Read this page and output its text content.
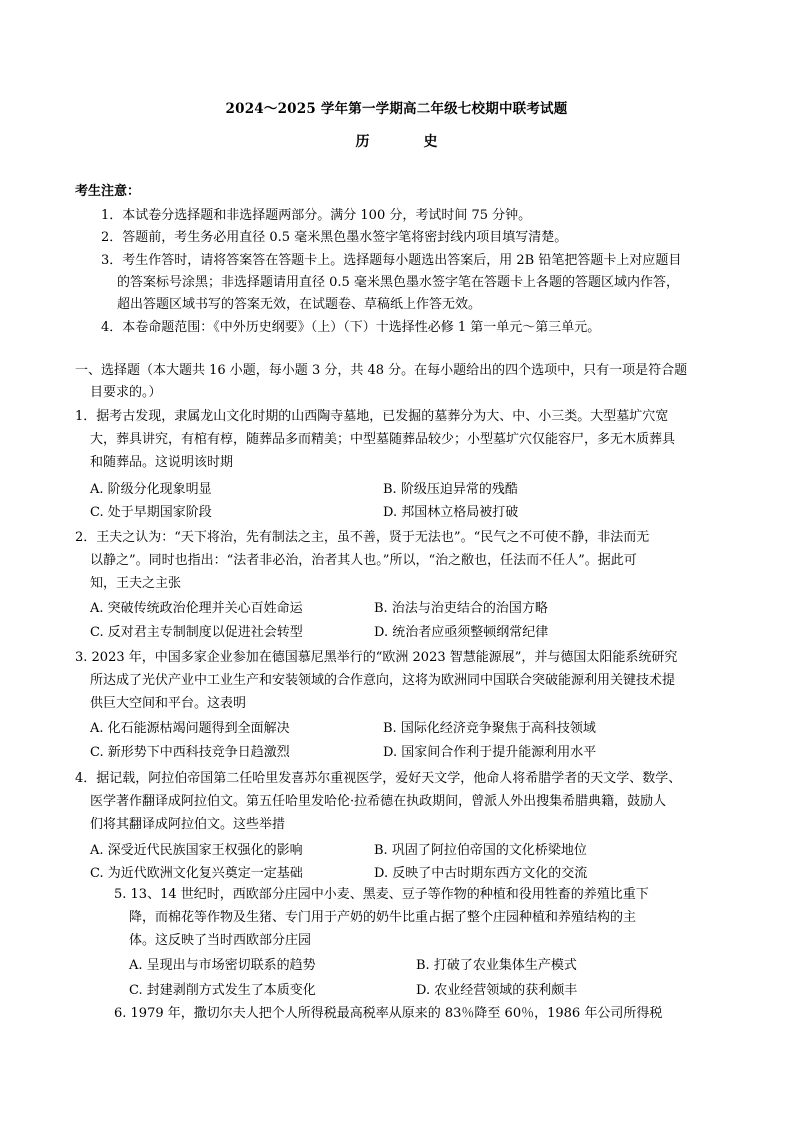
2024～2025 学年第一学期高二年级七校期中联考试题
历　史
考生注意：
1．本试卷分选择题和非选择题两部分。满分 100 分，考试时间 75 分钟。
2．答题前，考生务必用直径 0.5 毫米黑色墨水签字笔将密封线内项目填写清楚。
3．考生作答时，请将答案答在答题卡上。选择题每小题选出答案后，用 2B 铅笔把答题卡上对应题目
的答案标号涂黑；非选择题请用直径 0.5 毫米黑色墨水签字笔在答题卡上各题的答题区域内作答，
超出答题区域书写的答案无效，在试题卷、草稿纸上作答无效。
4．本卷命题范围：《中外历史纲要》（上）（下）十选择性必修 1 第一单元～第三单元。
一、选择题（本大题共 16 小题，每小题 3 分，共 48 分。在每小题给出的四个选项中，只有一项是符合题
目要求的。）
1．据考古发现，隶属龙山文化时期的山西陶寺墓地，已发掘的墓葬分为大、中、小三类。大型墓圹穴宽
大，葬具讲究，有棺有椁，随葬品多而精美；中型墓随葬品较少；小型墓圹穴仅能容尸，多无木质葬具
和随葬品。这说明该时期
A. 阶级分化现象明显	B. 阶级压迫异常的残酷
C. 处于早期国家阶段	D. 邦国林立格局被打破
2．王夫之认为：“天下将治，先有制法之主，虽不善，贤于无法也”。“民气之不可使不静，非法而无
以静之”。同时也指出：“法者非必治，治者其人也。”所以，“治之敝也，任法而不任人”。据此可
知，王夫之主张
A. 突破传统政治伦理并关心百姓命运	B. 治法与治吏结合的治国方略
C. 反对君主专制制度以促进社会转型	D. 统治者应亟须整顿纲常纪律
3. 2023 年，中国多家企业参加在德国慕尼黑举行的“欧洲 2023 智慧能源展”，并与德国太阳能系统研究
所达成了光伏产业中工业生产和安装领域的合作意向，这将为欧洲同中国联合突破能源利用关键技术提
供巨大空间和平台。这表明
A. 化石能源枯竭问题得到全面解决	B. 国际化经济竞争聚焦于高科技领域
C. 新形势下中西科技竞争日趋激烈	D. 国家间合作利于提升能源利用水平
4．据记载，阿拉伯帝国第二任哈里发喜苏尔重视医学，爱好天文学，他命人将希腊学者的天文学、数学、
医学著作翻译成阿拉伯文。第五任哈里发哈伦·拉希德在执政期间，曾派人外出搜集希腊典籍，鼓励人
们将其翻译成阿拉伯文。这些举措
A. 深受近代民族国家王权强化的影响	B. 巩固了阿拉伯帝国的文化桥梁地位
C. 为近代欧洲文化复兴奠定一定基础	D. 反映了中古时期东西方文化的交流
5. 13、14 世纪时，西欧部分庄园中小麦、黑麦、豆子等作物的种植和役用牲畜的养殖比重下
降，而棉花等作物及生猪、专门用于产奶的奶牛比重占据了整个庄园种植和养殖结构的主
体。这反映了当时西欧部分庄园
A. 呈现出与市场密切联系的趋势	B. 打破了农业集体生产模式
C. 封建剥削方式发生了本质变化	D. 农业经营领域的获利颇丰
6. 1979 年，撒切尔夫人把个人所得税最高税率从原来的 83％降至 60％，1986 年公司所得税
